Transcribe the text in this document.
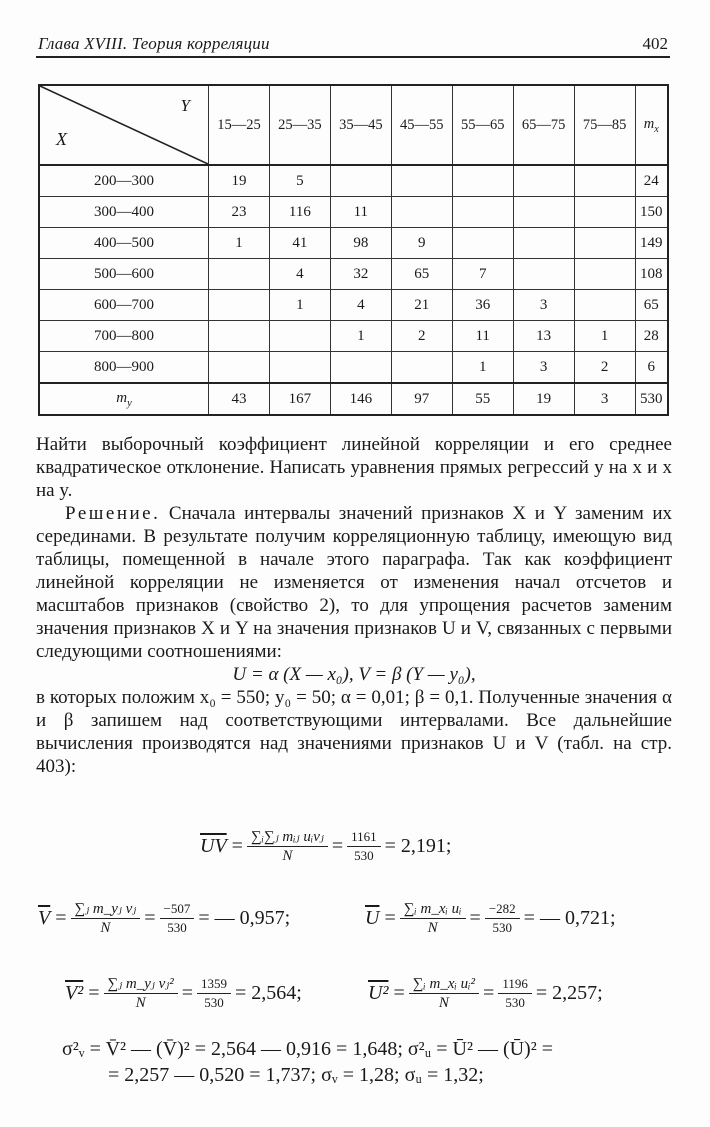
Глава XVIII. Теория корреляции	402
Y
X	15—25	25—35	35—45	45—55	55—65	65—75	75—85	$m_x$
200—300	19	5						24
300—400	23	116	11					150
400—500	1	41	98	9				149
500—600		4	32	65	7			108
600—700		1	4	21	36	3		65
700—800			1	2	11	13	1	28
800—900					1	3	2	6
$m_y$	43	167	146	97	55	19	3	530

Найти выборочный коэффициент линейной корреляции и его среднее квадратическое отклонение. Написать уравнения прямых регрессий y на x и x на y.

Решение. Сначала интервалы значений признаков X и Y заменим их серединами. В результате получим корреляционную таблицу, имеющую вид таблицы, помещенной в начале этого параграфа. Так как коэффициент линейной корреляции не изменяется от изменения начал отсчетов и масштабов признаков (свойство 2), то для упрощения расчетов заменим значения признаков X и Y на значения признаков U и V, связанных с первыми следующими соотношениями:

U = α (X — x₀), V = β (Y — y₀),

в которых положим x₀ = 550; y₀ = 50; α = 0,01; β = 0,1. Полученные значения α и β запишем над соответствующими интервалами. Все дальнейшие вычисления производятся над значениями признаков U и V (табл. на стр. 403):

$\overline{UV} = \frac{\text{∑ᵢ∑ⱼ mᵢⱼ uᵢvⱼ}}{N} = \frac{1161}{530} = 2,191$;
$\overline{V} = \frac{\text{∑ⱼ m\_yⱼ vⱼ}}{N} = \frac{-507}{530}$ = — 0,957;	$\overline{U} = \frac{\text{∑ᵢ m\_xᵢ uᵢ}}{N} = \frac{-282}{530}$ = — 0,721;
$V^2 = \frac{\text{∑ⱼ m\_yⱼ vⱼ²}}{N} = \frac{1359}{530} = 2,564$;	$U^2 = \frac{\text{∑ᵢ m\_xᵢ uᵢ²}}{N} = \frac{1196}{530} = 2,257$;
σ²ᵥ = V̄² — (V̄)² = 2,564 — 0,916 = 1,648; σ²ᵤ = Ū² — (Ū)² =
= 2,257 — 0,520 = 1,737; σᵥ = 1,28; σᵤ = 1,32;
